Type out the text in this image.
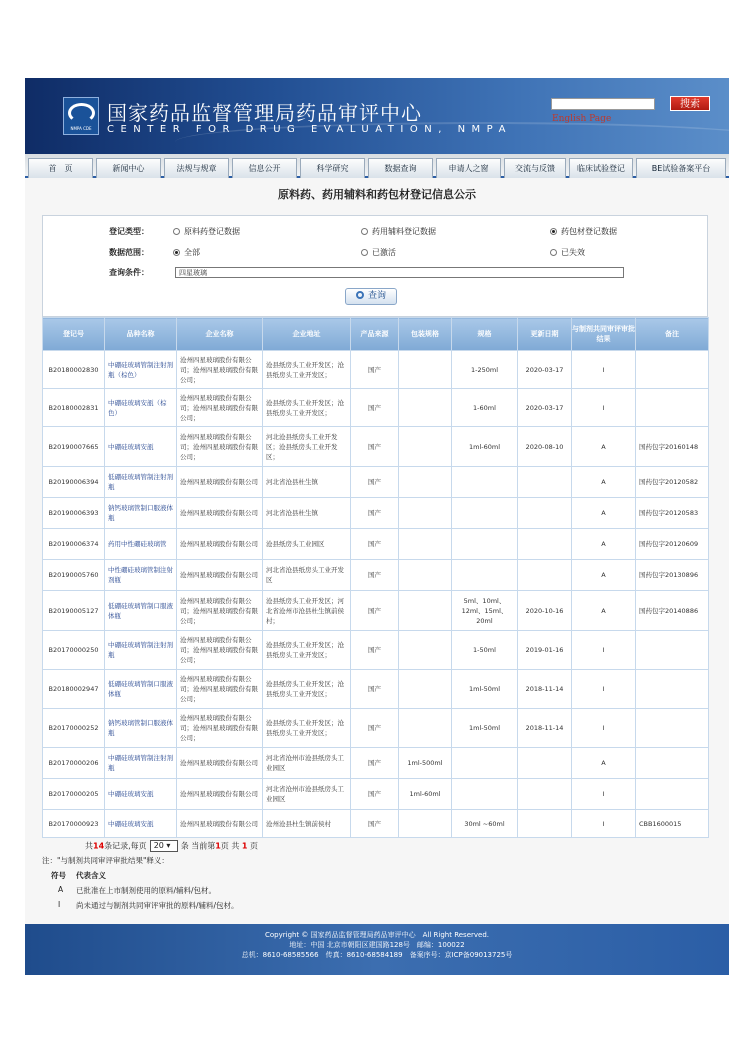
NMPA CDE
国家药品监督管理局药品审评中心
CENTER FOR DRUG EVALUATION, NMPA
搜索
English Page
首　页	新闻中心	法规与规章	信息公开	科学研究	数据查询	申请人之窗	交流与反馈	临床试验登记	BE试验备案平台
原料药、药用辅料和药包材登记信息公示
登记类型：	原料药登记数据	药用辅料登记数据	药包材登记数据
数据范围：	全部	已激活	已失效
查询条件：	四星玻璃
查询
登记号	品种名称	企业名称	企业地址	产品来源	包装规格	规格	更新日期	与制剂共同审评审批结果	备注
B20180002830	中硼硅玻璃管制注射剂瓶（棕色）	沧州四星玻璃股份有限公司；沧州四星玻璃股份有限公司；	沧县纸房头工业开发区；沧县纸房头工业开发区；	国产		1-250ml	2020-03-17	I	
B20180002831	中硼硅玻璃安瓿（棕色）	沧州四星玻璃股份有限公司；沧州四星玻璃股份有限公司；	沧县纸房头工业开发区；沧县纸房头工业开发区；	国产		1-60ml	2020-03-17	I	
B20190007665	中硼硅玻璃安瓿	沧州四星玻璃股份有限公司；沧州四星玻璃股份有限公司；	河北沧县纸房头工业开发区；沧县纸房头工业开发区；	国产		1ml-60ml	2020-08-10	A	国药包字20160148
B20190006394	低硼硅玻璃管制注射剂瓶	沧州四星玻璃股份有限公司	河北省沧县杜生镇	国产				A	国药包字20120582
B20190006393	钠钙玻璃管制口服液体瓶	沧州四星玻璃股份有限公司	河北省沧县杜生镇	国产				A	国药包字20120583
B20190006374	药用中性硼硅玻璃管	沧州四星玻璃股份有限公司	沧县纸房头工业园区	国产				A	国药包字20120609
B20190005760	中性硼硅玻璃管制注射剂瓶	沧州四星玻璃股份有限公司	河北省沧县纸房头工业开发区	国产				A	国药包字20130896
B20190005127	低硼硅玻璃管制口服液体瓶	沧州四星玻璃股份有限公司；沧州四星玻璃股份有限公司；	沧县纸房头工业开发区；河北省沧州市沧县杜生镇前侯村；	国产		5ml、10ml、12ml、15ml、20ml	2020-10-16	A	国药包字20140886
B20170000250	中硼硅玻璃管制注射剂瓶	沧州四星玻璃股份有限公司；沧州四星玻璃股份有限公司；	沧县纸房头工业开发区；沧县纸房头工业开发区；	国产		1-50ml	2019-01-16	I	
B20180002947	低硼硅玻璃管制口服液体瓶	沧州四星玻璃股份有限公司；沧州四星玻璃股份有限公司；	沧县纸房头工业开发区；沧县纸房头工业开发区；	国产		1ml-50ml	2018-11-14	I	
B20170000252	钠钙玻璃管制口服液体瓶	沧州四星玻璃股份有限公司；沧州四星玻璃股份有限公司；	沧县纸房头工业开发区；沧县纸房头工业开发区；	国产		1ml-50ml	2018-11-14	I	
B20170000206	中硼硅玻璃管制注射剂瓶	沧州四星玻璃股份有限公司	河北省沧州市沧县纸房头工业园区	国产	1ml-500ml			A	
B20170000205	中硼硅玻璃安瓿	沧州四星玻璃股份有限公司	河北省沧州市沧县纸房头工业园区	国产	1ml-60ml			I	
B20170000923	中硼硅玻璃安瓿	沧州四星玻璃股份有限公司	沧州沧县杜生镇前侯村	国产		30ml ~60ml		I	CBB1600015
共14条记录,每页 20 ▾ 条 当前第1页 共 1 页
注："与制剂共同审评审批结果"释义：
符号 代表含义
A 已批准在上市制剂使用的原料/辅料/包材。
I 尚未通过与制剂共同审评审批的原料/辅料/包材。
Copyright © 国家药品监督管理局药品审评中心　All Right Reserved.
地址：中国 北京市朝阳区建国路128号　邮编：100022
总机：8610-68585566　传真：8610-68584189　备案序号：京ICP备09013725号
